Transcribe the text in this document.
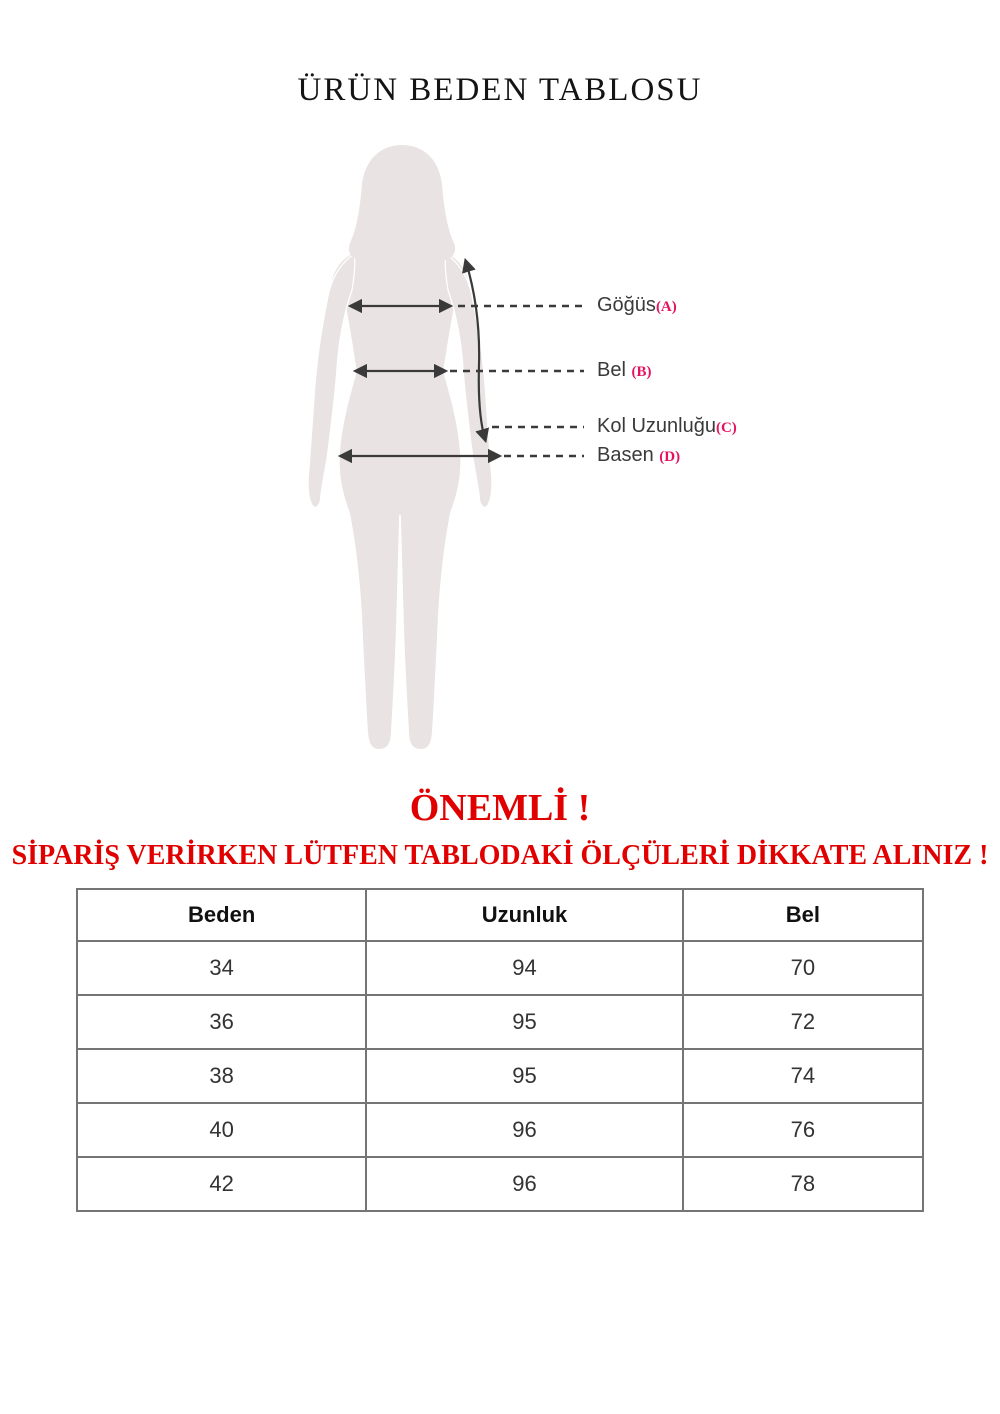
ÜRÜN BEDEN TABLOSU
Göğüs(A)
Bel (B)
Kol Uzunluğu(C)
Basen (D)
ÖNEMLİ !
SİPARİŞ VERİRKEN LÜTFEN TABLODAKİ ÖLÇÜLERİ DİKKATE ALINIZ !
Beden	Uzunluk	Bel
34	94	70
36	95	72
38	95	74
40	96	76
42	96	78
